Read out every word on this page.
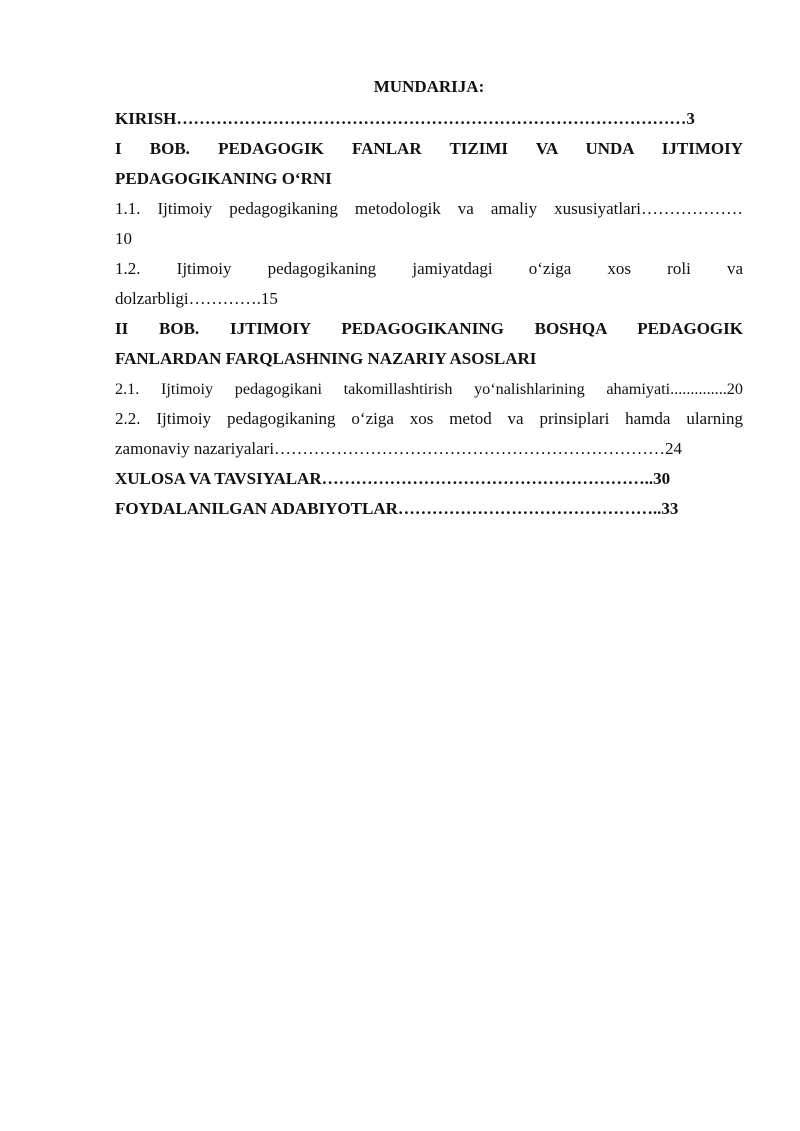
MUNDARIJA:
KIRISH………………………………………………………………………………3
I BOB. PEDAGOGIK FANLAR TIZIMI VA UNDA IJTIMOIY
PEDAGOGIKANING O‘RNI
1.1. Ijtimoiy pedagogikaning metodologik va amaliy xususiyatlari………………
10
1.2. Ijtimoiy pedagogikaning jamiyatdagi o‘ziga xos roli va
dolzarbligi………….15
II BOB. IJTIMOIY PEDAGOGIKANING BOSHQA PEDAGOGIK
FANLARDAN FARQLASHNING NAZARIY ASOSLARI
2.1. Ijtimoiy pedagogikani takomillashtirish yo‘nalishlarining ahamiyati..............20
2.2. Ijtimoiy pedagogikaning o‘ziga xos metod va prinsiplari hamda ularning
zamonaviy nazariyalari……………………………………………………………24
XULOSA VA TAVSIYALAR…………………………………………………..30
FOYDALANILGAN ADABIYOTLAR………………………………………..33
